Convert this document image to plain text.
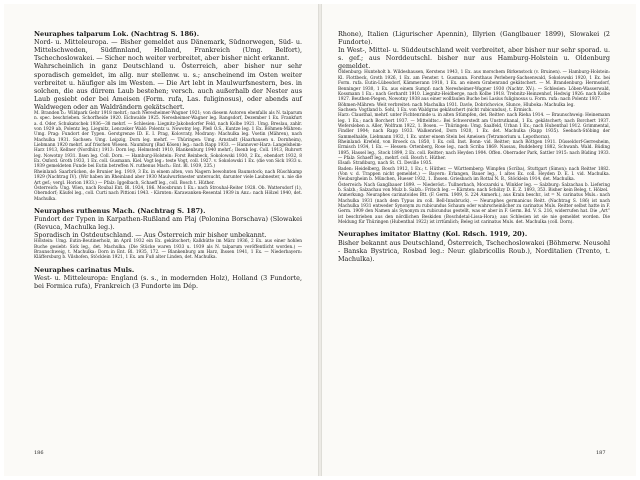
Neuraphes talparum Lok. (Nachtrag S. 186).

Nord- u. Mitteleuropa. — Bisher gemeldet aus Dänemark, Südnorwegen, Süd- u. Mittelschweden, Südfinnland, Holland, Frankreich (Umg. Belfort), Tschechoslowakei. — Sicher noch weiter verbreitet, aber bisher nicht erkannt.

Wahrscheinlich in ganz Deutschland u. Österreich, aber bisher nur sehr sporadisch gemeldet, im allg. nur stellenw. u. s.; anscheinend im Osten weiter verbreitet u. häufiger als im Westen. — Die Art lebt in Maulwurfsnestern, bes. in solchen, die aus dürrem Laub bestehen; versch. auch außerhalb der Nester aus Laub gesiebt oder bei Ameisen (Form. rufa, Las. fuliginosus), oder abends auf Waldwegen oder an Waldrändern gekätschert.

M. Branden b.: Wildpark Gehr 1918 mehrf.; nach Neresheimer-Wagner 1921; von diesem Autoren ebenfalls als N. talparum n. spec. beschrieben. Schorfheide 1920. Eichwalde 1925. Neresheimer-Wagner leg. Rangsdorf, Dezember 1 Ex. Frankfurt a. d. Oder, Schukatschek 1936—38 mehrf. — Schlesien: Liegnitz-Jakobsdorfer Feld, nach Kolbe 1921. Umg. Breslau, zahlr. von 1929 ab, Polentz leg. Liegnitz, Lenczsker Wald: Polentz u. Nowotny leg. Pleß O.S., Kuntze leg. 1 Ex. Böhmen-Mähren: Umg. Prag: Fundort der Typen. Gerstgrenze ID. E. I. Prag, Kolovraty, Modrany: Machulka leg. Vsetin (Mähren), nach Machulka 1931. Sachsen: Umg. Leipzig, Dorn leg. mehrf. — Thüringen: Umg. Arnstadt (Haarhausen u. Dornheim), Liebmann 1920 mehrf. auf frischen Wiesen. Naumburg (Bad Kösen) leg.: nach Rapp 1933. — Hannover-Harz: Langelsheim-Harz 1913, Kellner (Nordhür.) 1913: Dorn leg. Helmstedt 1910, Blankenburg 1940 mehrf.; Ilsenb leg. Coll. 1913, Ruhrort leg. Nowotny 1931. Ilsen leg. Coll. Dorn. — Hamburg-Holstein: Forst Reinbeck, Sokolowski 1930, 2 Ex., ebendort 1932, 8 Ex. Oxford. Groth 1933, 1 Ex. coll. Gusmann. Kiel. Vogt leg.: teste Vogt, coll. 1927. v. Sokolowski 1 Ex. (die von Sick 1933 u. 1939 gemeldeten Funde bei Eutin betreffen N. ruthenus Mach.: Ent. Bl. 1939, 235.)

Rheinland: Saarbrücken, de Brunier leg. 1919, 3 Ex. in einem alten, von Nagern bewohnten Baumstock; nach Rüschkamp 1929 (Nachtrag IV). (Wir haben im Rheinland aber 1930 Maulwurfsnester untersucht, darunter viele Laubnester, u. nie die Art gef.; vergl. Horion 1933.) — Pfalz: Iggelbach, Schaeff leg., coll. Bosch t. Hüther.

Österreich: Ung. Wien, nach Roubal Ent. Bl. 1924, 186. Moosbrunn 1 Ex.: nach Strouhal-Reiter 1928. Ob. Wattersdorf (1), Oberndorf; Käufel leg., coll. Curti nach Pittioni 1943. - Kärnten: Karawanken-Resental 1939 in Anz.: nach Hölzel 1940, det. Machulka.

Neuraphes ruthenus Mach. (Nachtrag S. 187).

Fundort der Typen in Karpathen-Rußland am Plaj (Polonina Borschava) (Slowakei (Revuca, Machulka leg.).

Sporadisch in Ostdeutschland. — Aus Österreich mir bisher unbekannt.

Holstein: Umg. Eutin-Beutinerholz, im April 1932 ein Ex. gekätschert; Kalkhütte im März 1936, 2 Ex. aus einer hohlen Buche gesiebt: Sick leg., det. Machulka. (Die Stücke waren 1933 u. 1939 als N. talparum veröffentlicht worden.) — Braunschweig, t. Machulka: Dorn in Ent. Bl. 1935, 172. — Blankenburg am Harz, Ihssen 1941, 1 Ex. — Niederbayern: Kläffersburg b. Vilshofen, Stöcklein 1921, 1 Ex. am Fuß alter Linden, det. Machulka.

Neuraphes carinatus Muls.

West- u. Mitteleuropa: England (s. s., in modernden Holz), Holland (3 Fundorte, bei Formica rufa), Frankreich (3 Fundorte im Dép.

186

Rhone), Italien (Ligurischer Apennin), Illyrien (Ganglbauer 1899), Slowakei (2 Fundorte).

In West-, Mittel- u. Süddeutschland weit verbreitet, aber bisher nur sehr sporad. u. s. gef.; aus Norddeutschl. bisher nur aus Hamburg-Holstein u. Oldenburg gemeldet.

Oldenburg: Hunteholt b. Wildeshausen, Kerstens 1943, 1 Ex. aus morschem Birkenstock (v. Bruinen). — Hamburg-Holstein: Kl. Flottbeck, Groth 1926, 1 Ex. am Fenster. t. Gusmann. Forsthaus Perleberg-Sachsenwald, Sokolowski 1920, 1 Ex. bei Form. rufa. Eutin-Lübesdorf, Kämmerann 1918, 1 Ex. an einem Grabenrand gekätschert. — M. Brandenburg: Hermsdorf, Benninger 1930, 1 Ex. aus einem Sumpf: nach Neresheimer-Wagner 1930 (Nachtr. XV.). — Schlesien: Löben-Wasserwald, Kossmann 1 Ex.: nach Gerhardt 1910. Liegnitz-Heidberge, nach Kolbe 1918. Trebnitz-Heinzenhof, Hedwig 1926: nach Kolbe 1927. Beuthen-Piegen, Nowotny 1938 aus einer wollfaulen Buche bei Lasius fuliginosus u. Form. rufa: nach Polentz 1937.

Böhmen-Mähren: Weit verbreitet: nach Machulka 1931. Davle, Dobrichovice, Slunce, Hluboka: Machulka leg.

Sachsen: Vogtland b. Sohl, 1 Ex. von Waldgras gekätschert (nicht rubicundus), t. Ermisch.

Harz: Clausthal, mehrf. unter Fichtenrinde u. in alten Stümpfen, det. Reitter: nach Rieha 1914. — Braunschweig: Heinemann leg. 1 Ex.; nach Borchert 1937. — Mitteldtsc.: Bei Schwerstedt am Unstrutkanal, 1 Ex. gekätschert; nach Borchert 1937. Wefersleben a. Aller, Wolfram 1922, 1. Bosen. — Thüringen: Umg. Saalfeld, Urban 1 Ex.; nach Hubenthal 1912. Grimmental, Findler 1904; nach Rapp 1933. Walkenried, Dorn 1920, 1 Ex. det. Machulka (Rapp 1935). Seebach-Stöbing der Sammelhalde, Liebmann 1932, 1 Ex. unter einem Stein bei Ameisen (Tetramorium u. Lepothorax).

Rheinland: Krefeld, von Broeck ca. 1850, 1 Ex. coll. Inst. Bonn- vid. Reitter; nach Röttgen 1911. Düsseldorf-Gerresheim, Ermisch 1934, 1 Ex. — Hessen: Ortenberg, Rose leg., nach Scriba 1869. Nassau, Buddeberg 1882, Schwanh. Wald. Büding 1895, Hassel leg., Stock 1899, 2 Ex. coll. Reitter; nach Heyden 1904. Offen. Oberrader Park, Sattler 1915: nach Büding 1933. — Pfalz: Schaeff leg., mehrf. coll. Bosch t. Hüther.

Elsaß: Straßburg, nach St. Cl. Deville 1935.

Baden: Heidelberg, Bosch 1912, 1 Ex.; t. Hüther. — Württemberg: Wimpfen (Scriba), Stuttgart (Simon): nach Reitter 1882. (Von v. d. Trappen nicht gemeldet.) — Bayern: Erlangen, Bauer leg., 1 altes Ex. coll. Heyden D. E. I. vid. Machulka. Neuburgheim b. München, Hueser 1932, 1. Ihssen. Griesbach im Rottal N. B., Stöcklein 1914, det. Machulka.

Österreich: Nach Ganglbauer 1899. — Niederöst.: Tullnerbach, Moczarski u. Winkler leg. — Salzburg: Salzachau b. Liefering b. Salzb.; Salzachau von Mulz b. Salzb.: Fritsch leg. — Kärnten: nach Schölzy D. E. Z. 1893, 353. Bisher kein Beleg, t. Hölzel.

Anmerkung: Neuraphes carinatoides Btt. (F. Germ. 1909, S. 224 Anmerk.), aus Krain beschr., ist = N. carinatus Muls.: nach Machulka 1931 (nach dem Typus im coll. Bell-Innsbruck). — Neuraphes germanicus Reitt. (Nachtrag S. 186) ist nach Machulka 1931 entweder Synonym zu rubicundus Schaum oder wahrscheinlicher zu carinatus Muls. Reitter selbst hatte in F. Germ. 1909 den Namen als Synonym zu rubicundus gestellt, was er aber in F. Germ. Bd. V. S. 216, widerrufen hat. Die „Art“ ist beschrieben aus den nördlichen Beskiden (Boschdetal-Lissa-Hora); aus Schlesien ist sie nie gemeldet worden. Die Meldung für Thüringen (Hubenthal 1922) ist irrtümlich; Beleg ist carinatus Muls. det. Machulka (coll. Dorn).

Neuraphes imitator Blattny (Kol. Rdsch. 1919, 20).

Bisher bekannt aus Deutschland, Österreich, Tschechoslowakei (Böhmerw. Neusohl - Banska Bystrica, Rosbad leg.: Neur. glabricollis Roub.), Norditalien (Trento, t. Machulka).

187
